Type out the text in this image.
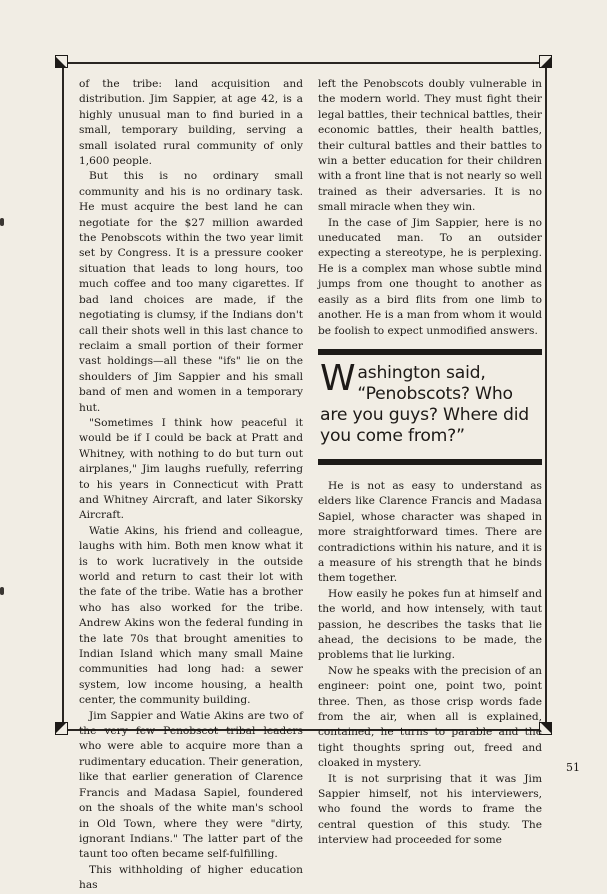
of the tribe: land acquisition and distribution. Jim Sappier, at age 42, is a highly unusual man to find buried in a small, temporary building, serving a small isolated rural community of only 1,600 people.

But this is no ordinary small community and his is no ordinary task. He must acquire the best land he can negotiate for the $27 million awarded the Penobscots within the two year limit set by Congress. It is a pressure cooker situation that leads to long hours, too much coffee and too many cigarettes. If bad land choices are made, if the negotiating is clumsy, if the Indians don't call their shots well in this last chance to reclaim a small portion of their former vast holdings—all these "ifs" lie on the shoulders of Jim Sappier and his small band of men and women in a temporary hut.

"Sometimes I think how peaceful it would be if I could be back at Pratt and Whitney, with nothing to do but turn out airplanes," Jim laughs ruefully, referring to his years in Connecticut with Pratt and Whitney Aircraft, and later Sikorsky Aircraft.

Watie Akins, his friend and colleague, laughs with him. Both men know what it is to work lucratively in the outside world and return to cast their lot with the fate of the tribe. Watie has a brother who has also worked for the tribe. Andrew Akins won the federal funding in the late 70s that brought amenities to Indian Island which many small Maine communities had long had: a sewer system, low income housing, a health center, the community building.

Jim Sappier and Watie Akins are two of the very few Penobscot tribal leaders who were able to acquire more than a rudimentary education. Their generation, like that earlier generation of Clarence Francis and Madasa Sapiel, foundered on the shoals of the white man's school in Old Town, where they were "dirty, ignorant Indians." The latter part of the taunt too often became self-fulfilling.

This withholding of higher education has

left the Penobscots doubly vulnerable in the modern world. They must fight their legal battles, their technical battles, their economic battles, their health battles, their cultural battles and their battles to win a better education for their children with a front line that is not nearly so well trained as their adversaries. It is no small miracle when they win.

In the case of Jim Sappier, here is no uneducated man. To an outsider expecting a stereotype, he is perplexing. He is a complex man whose subtle mind jumps from one thought to another as easily as a bird flits from one limb to another. He is a man from whom it would be foolish to expect unmodified answers.

Washington said, “Penobscots? Who are you guys? Where did you come from?”

He is not as easy to understand as elders like Clarence Francis and Madasa Sapiel, whose character was shaped in more straightforward times. There are contradictions within his nature, and it is a measure of his strength that he binds them together.

How easily he pokes fun at himself and the world, and how intensely, with taut passion, he describes the tasks that lie ahead, the decisions to be made, the problems that lie lurking.

Now he speaks with the precision of an engineer: point one, point two, point three. Then, as those crisp words fade from the air, when all is explained, contained, he turns to parable and the tight thoughts spring out, freed and cloaked in mystery.

It is not surprising that it was Jim Sappier himself, not his interviewers, who found the words to frame the central question of this study. The interview had proceeded for some

51
